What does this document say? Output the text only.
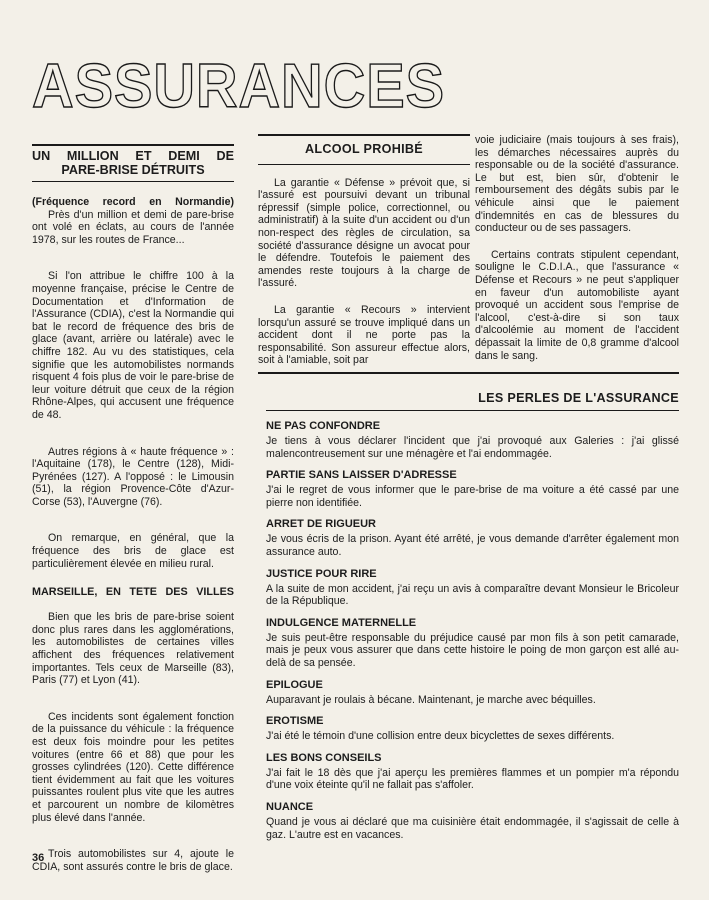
ASSURANCES
UN MILLION ET DEMI DE
PARE-BRISE DÉTRUITS
(Fréquence record en Normandie)

Près d'un million et demi de pare-brise ont volé en éclats, au cours de l'année 1978, sur les routes de France...

Si l'on attribue le chiffre 100 à la moyenne française, précise le Centre de Documentation et d'Information de l'Assurance (CDIA), c'est la Normandie qui bat le record de fréquence des bris de glace (avant, arrière ou latérale) avec le chiffre 182. Au vu des statistiques, cela signifie que les automobilistes normands risquent 4 fois plus de voir le pare-brise de leur voiture détruit que ceux de la région Rhône-Alpes, qui accusent une fréquence de 48.

Autres régions à « haute fréquence » : l'Aquitaine (178), le Centre (128), Midi-Pyrénées (127). A l'opposé : le Limousin (51), la région Provence-Côte d'Azur-Corse (53), l'Auvergne (76).

On remarque, en général, que la fréquence des bris de glace est particulièrement élevée en milieu rural.

MARSEILLE, EN TETE DES VILLES

Bien que les bris de pare-brise soient donc plus rares dans les agglomérations, les automobilistes de certaines villes affichent des fréquences relativement importantes. Tels ceux de Marseille (83), Paris (77) et Lyon (41).

Ces incidents sont également fonction de la puissance du véhicule : la fréquence est deux fois moindre pour les petites voitures (entre 66 et 88) que pour les grosses cylindrées (120). Cette différence tient évidemment au fait que les voitures puissantes roulent plus vite que les autres et parcourent un nombre de kilomètres plus élevé dans l'année.

Trois automobilistes sur 4, ajoute le CDIA, sont assurés contre le bris de glace.

ALCOOL PROHIBÉ

La garantie « Défense » prévoit que, si l'assuré est poursuivi devant un tribunal répressif (simple police, correctionnel, ou administratif) à la suite d'un accident ou d'un non-respect des règles de circulation, sa société d'assurance désigne un avocat pour le défendre. Toutefois le paiement des amendes reste toujours à la charge de l'assuré.

La garantie « Recours » intervient lorsqu'un assuré se trouve impliqué dans un accident dont il ne porte pas la responsabilité. Son assureur effectue alors, soit à l'amiable, soit par

voie judiciaire (mais toujours à ses frais), les démarches nécessaires auprès du responsable ou de la société d'assurance. Le but est, bien sûr, d'obtenir le remboursement des dégâts subis par le véhicule ainsi que le paiement d'indemnités en cas de blessures du conducteur ou de ses passagers.

Certains contrats stipulent cependant, souligne le C.D.I.A., que l'assurance « Défense et Recours » ne peut s'appliquer en faveur d'un automobiliste ayant provoqué un accident sous l'emprise de l'alcool, c'est-à-dire si son taux d'alcoolémie au moment de l'accident dépassait la limite de 0,8 gramme d'alcool dans le sang.

LES PERLES DE L'ASSURANCE
NE PAS CONFONDRE

Je tiens à vous déclarer l'incident que j'ai provoqué aux Galeries : j'ai glissé malencontreusement sur une ménagère et l'ai endommagée.

PARTIE SANS LAISSER D'ADRESSE

J'ai le regret de vous informer que le pare-brise de ma voiture a été cassé par une pierre non identifiée.

ARRET DE RIGUEUR

Je vous écris de la prison. Ayant été arrêté, je vous demande d'arrêter également mon assurance auto.

JUSTICE POUR RIRE

A la suite de mon accident, j'ai reçu un avis à comparaître devant Monsieur le Bricoleur de la République.

INDULGENCE MATERNELLE

Je suis peut-être responsable du préjudice causé par mon fils à son petit camarade, mais je peux vous assurer que dans cette histoire le poing de mon garçon est allé au-delà de sa pensée.

EPILOGUE

Auparavant je roulais à bécane. Maintenant, je marche avec béquilles.

EROTISME

J'ai été le témoin d'une collision entre deux bicyclettes de sexes différents.

LES BONS CONSEILS

J'ai fait le 18 dès que j'ai aperçu les premières flammes et un pompier m'a répondu d'une voix éteinte qu'il ne fallait pas s'affoler.

NUANCE

Quand je vous ai déclaré que ma cuisinière était endommagée, il s'agissait de celle à gaz. L'autre est en vacances.

36
